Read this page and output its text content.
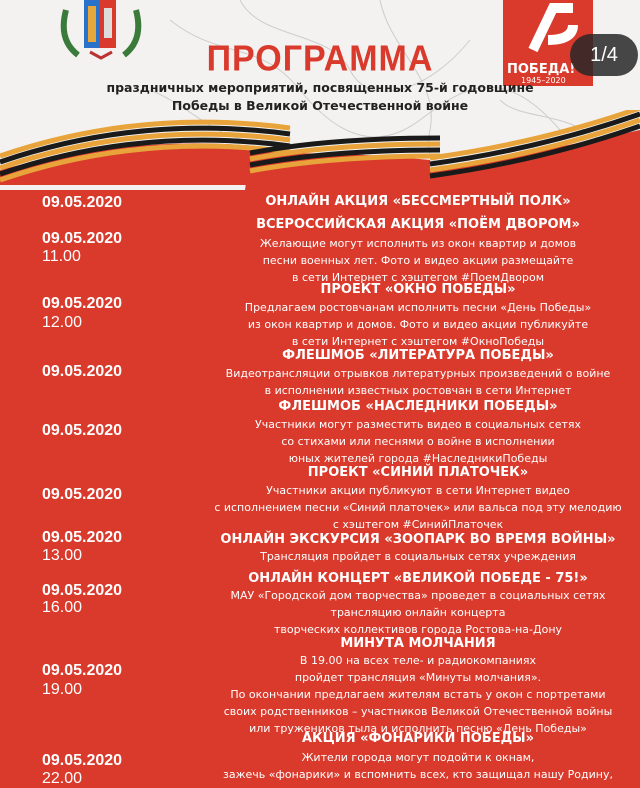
ПОБЕДА!
1945–2020
ПРОГРАММА
праздничных мероприятий, посвященных 75-й годовщине
Победы в Великой Отечественной войне
1/4
09.05.2020	ОНЛАЙН АКЦИЯ «БЕССМЕРТНЫЙ ПОЛК»
09.05.2020
11.00
ВСЕРОССИЙСКАЯ АКЦИЯ «ПОЁМ ДВОРОМ»
Желающие могут исполнить из окон квартир и домов
песни военных лет. Фото и видео акции размещайте
в сети Интернет с хэштегом #ПоемДвором
09.05.2020
12.00
ПРОЕКТ «ОКНО ПОБЕДЫ»
Предлагаем ростовчанам исполнить песни «День Победы»
из окон квартир и домов. Фото и видео акции публикуйте
в сети Интернет с хэштегом #ОкноПобеды
09.05.2020
ФЛЕШМОБ «ЛИТЕРАТУРА ПОБЕДЫ»
Видеотрансляции отрывков литературных произведений о войне
в исполнении известных ростовчан в сети Интернет
09.05.2020
ФЛЕШМОБ «НАСЛЕДНИКИ ПОБЕДЫ»
Участники могут разместить видео в социальных сетях
со стихами или песнями о войне в исполнении
юных жителей города #НаследникиПобеды
09.05.2020
ПРОЕКТ «СИНИЙ ПЛАТОЧЕК»
Участники акции публикуют в сети Интернет видео
с исполнением песни «Синий платочек» или вальса под эту мелодию
с хэштегом #СинийПлаточек
09.05.2020
13.00
ОНЛАЙН ЭКСКУРСИЯ «ЗООПАРК ВО ВРЕМЯ ВОЙНЫ»
Трансляция пройдет в социальных сетях учреждения
09.05.2020
16.00
ОНЛАЙН КОНЦЕРТ «ВЕЛИКОЙ ПОБЕДЕ - 75!»
МАУ «Городской дом творчества» проведет в социальных сетях
трансляцию онлайн концерта
творческих коллективов города Ростова-на-Дону
09.05.2020
19.00
МИНУТА МОЛЧАНИЯ
В 19.00 на всех теле- и радиокомпаниях
пройдет трансляция «Минуты молчания».
По окончании предлагаем жителям встать у окон с портретами
своих родственников – участников Великой Отечественной войны
или тружеников тыла и исполнить песню «День Победы»
09.05.2020
22.00
АКЦИЯ «ФОНАРИКИ ПОБЕДЫ»
Жители города могут подойти к окнам,
зажечь «фонарики» и вспомнить всех, кто защищал нашу Родину,
